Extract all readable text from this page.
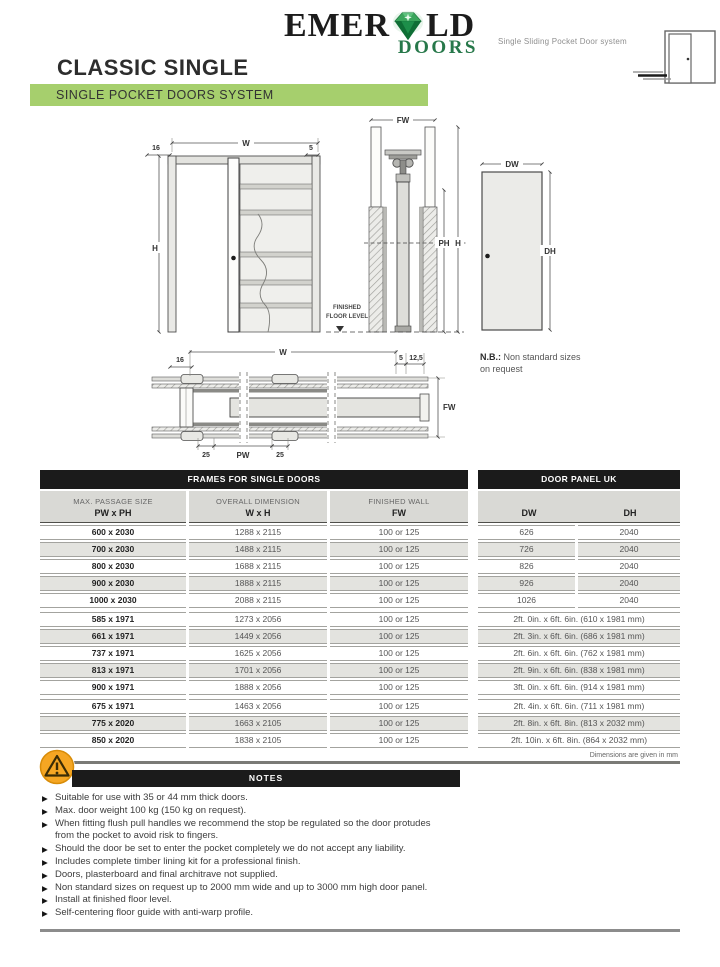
EMER LD
DOORS	Single Sliding Pocket Door system
CLASSIC SINGLE
SINGLE POCKET DOORS SYSTEM
W
16	5
H
FW
PH H
FINISHED
FLOOR LEVEL
DW
DH
W
16	5 12,5
FW
25	PW	25
N.B.: Non standard sizes on request
FRAMES FOR SINGLE DOORS	DOOR PANEL UK
MAX. PASSAGE SIZE
PW x PH
OVERALL DIMENSION
W x H
FINISHED WALL
FW	DW	DH
600 x 2030	1288 x 2115	100 or 125	626	2040
700 x 2030	1488 x 2115	100 or 125	726	2040
800 x 2030	1688 x 2115	100 or 125	826	2040
900 x 2030	1888 x 2115	100 or 125	926	2040
1000 x 2030	2088 x 2115	100 or 125	1026	2040
585 x 1971	1273 x 2056	100 or 125	2ft. 0in. x 6ft. 6in. (610 x 1981 mm)
661 x 1971	1449 x 2056	100 or 125	2ft. 3in. x 6ft. 6in. (686 x 1981 mm)
737 x 1971	1625 x 2056	100 or 125	2ft. 6in. x 6ft. 6in. (762 x 1981 mm)
813 x 1971	1701 x 2056	100 or 125	2ft. 9in. x 6ft. 6in. (838 x 1981 mm)
900 x 1971	1888 x 2056	100 or 125	3ft. 0in. x 6ft. 6in. (914 x 1981 mm)
675 x 1971	1463 x 2056	100 or 125	2ft. 4in. x 6ft. 6in. (711 x 1981 mm)
775 x 2020	1663 x 2105	100 or 125	2ft. 8in. x 6ft. 8in. (813 x 2032 mm)
850 x 2020	1838 x 2105	100 or 125	2ft. 10in. x 6ft. 8in. (864 x 2032 mm)
Dimensions are given in mm
NOTES
▶ Suitable for use with 35 or 44 mm thick doors.
▶ Max. door weight 100 kg (150 kg on request).
▶ When fitting flush pull handles we recommend the stop be regulated so the door protudes from the pocket to avoid risk to fingers.
▶ Should the door be set to enter the pocket completely we do not accept any liability.
▶ Includes complete timber lining kit for a professional finish.
▶ Doors, plasterboard and final architrave not supplied.
▶ Non standard sizes on request up to 2000 mm wide and up to 3000 mm high door panel.
▶ Install at finished floor level.
▶ Self-centering floor guide with anti-warp profile.
